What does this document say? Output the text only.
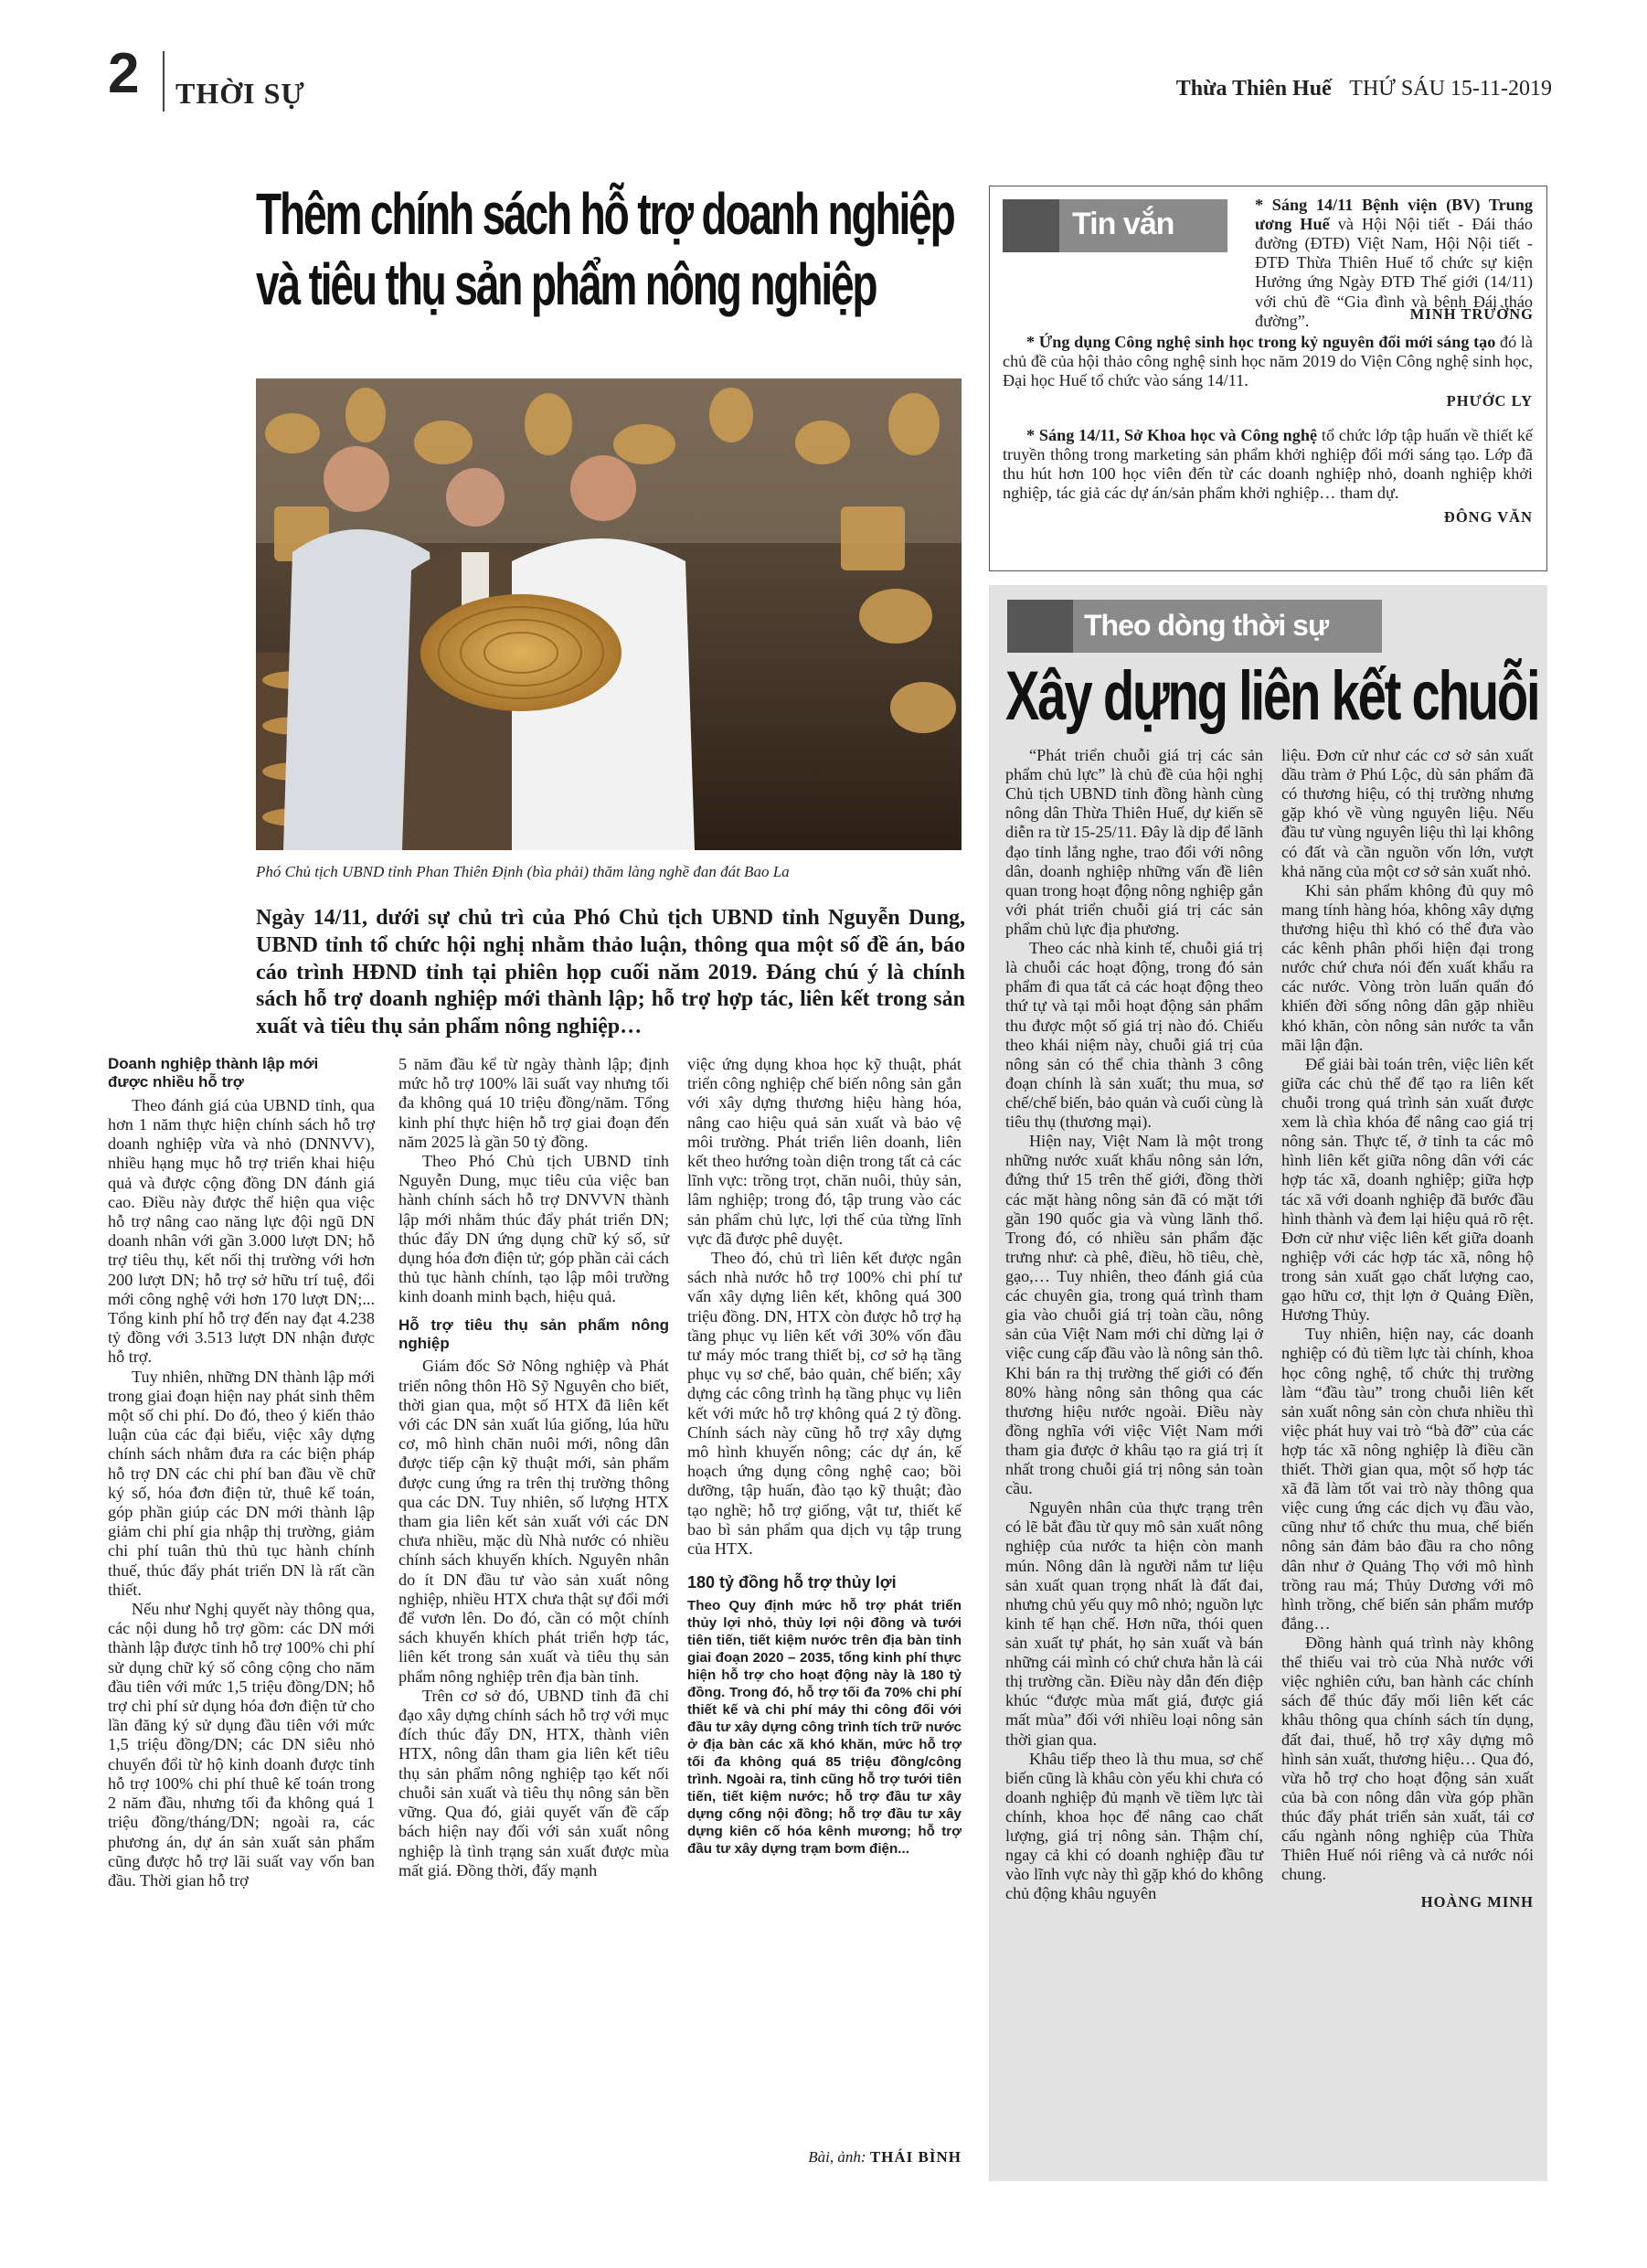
2 THỜI SỰ	Thừa Thiên Huế THỨ SÁU 15-11-2019
Thêm chính sách hỗ trợ doanh nghiệp
và tiêu thụ sản phẩm nông nghiệp
Phó Chủ tịch UBND tỉnh Phan Thiên Định (bìa phải) thăm làng nghề đan đát Bao La
Ngày 14/11, dưới sự chủ trì của Phó Chủ tịch UBND tỉnh Nguyễn Dung, UBND tỉnh tổ chức hội nghị nhằm thảo luận, thông qua một số đề án, báo cáo trình HĐND tỉnh tại phiên họp cuối năm 2019. Đáng chú ý là chính sách hỗ trợ doanh nghiệp mới thành lập; hỗ trợ hợp tác, liên kết trong sản xuất và tiêu thụ sản phẩm nông nghiệp…
Doanh nghiệp thành lập mới
được nhiều hỗ trợ

Theo đánh giá của UBND tỉnh, qua hơn 1 năm thực hiện chính sách hỗ trợ doanh nghiệp vừa và nhỏ (DNNVV), nhiều hạng mục hỗ trợ triển khai hiệu quả và được cộng đồng DN đánh giá cao. Điều này được thể hiện qua việc hỗ trợ nâng cao năng lực đội ngũ DN doanh nhân với gần 3.000 lượt DN; hỗ trợ tiêu thụ, kết nối thị trường với hơn 200 lượt DN; hỗ trợ sở hữu trí tuệ, đổi mới công nghệ với hơn 170 lượt DN;... Tổng kinh phí hỗ trợ đến nay đạt 4.238 tỷ đồng với 3.513 lượt DN nhận được hỗ trợ.

Tuy nhiên, những DN thành lập mới trong giai đoạn hiện nay phát sinh thêm một số chi phí. Do đó, theo ý kiến thảo luận của các đại biểu, việc xây dựng chính sách nhằm đưa ra các biện pháp hỗ trợ DN các chi phí ban đầu về chữ ký số, hóa đơn điện tử, thuê kế toán, góp phần giúp các DN mới thành lập giảm chi phí gia nhập thị trường, giảm chi phí tuân thủ thủ tục hành chính thuế, thúc đẩy phát triển DN là rất cần thiết.

Nếu như Nghị quyết này thông qua, các nội dung hỗ trợ gồm: các DN mới thành lập được tỉnh hỗ trợ 100% chi phí sử dụng chữ ký số công cộng cho năm đầu tiên với mức 1,5 triệu đồng/DN; hỗ trợ chi phí sử dụng hóa đơn điện tử cho lần đăng ký sử dụng đầu tiên với mức 1,5 triệu đồng/DN; các DN siêu nhỏ chuyển đổi từ hộ kinh doanh được tỉnh hỗ trợ 100% chi phí thuê kế toán trong 2 năm đầu, nhưng tối đa không quá 1 triệu đồng/tháng/DN; ngoài ra, các phương án, dự án sản xuất sản phẩm cũng được hỗ trợ lãi suất vay vốn ban đầu. Thời gian hỗ trợ

5 năm đầu kể từ ngày thành lập; định mức hỗ trợ 100% lãi suất vay nhưng tối đa không quá 10 triệu đồng/năm. Tổng kinh phí thực hiện hỗ trợ giai đoạn đến năm 2025 là gần 50 tỷ đồng.

Theo Phó Chủ tịch UBND tỉnh Nguyễn Dung, mục tiêu của việc ban hành chính sách hỗ trợ DNVVN thành lập mới nhằm thúc đẩy phát triển DN; thúc đẩy DN ứng dụng chữ ký số, sử dụng hóa đơn điện tử; góp phần cải cách thủ tục hành chính, tạo lập môi trường kinh doanh minh bạch, hiệu quả.

Hỗ trợ tiêu thụ sản phẩm nông nghiệp

Giám đốc Sở Nông nghiệp và Phát triển nông thôn Hồ Sỹ Nguyên cho biết, thời gian qua, một số HTX đã liên kết với các DN sản xuất lúa giống, lúa hữu cơ, mô hình chăn nuôi mới, nông dân được tiếp cận kỹ thuật mới, sản phẩm được cung ứng ra trên thị trường thông qua các DN. Tuy nhiên, số lượng HTX tham gia liên kết sản xuất với các DN chưa nhiều, mặc dù Nhà nước có nhiều chính sách khuyến khích. Nguyên nhân do ít DN đầu tư vào sản xuất nông nghiệp, nhiều HTX chưa thật sự đổi mới để vươn lên. Do đó, cần có một chính sách khuyến khích phát triển hợp tác, liên kết trong sản xuất và tiêu thụ sản phẩm nông nghiệp trên địa bàn tỉnh.

Trên cơ sở đó, UBND tỉnh đã chỉ đạo xây dựng chính sách hỗ trợ với mục đích thúc đẩy DN, HTX, thành viên HTX, nông dân tham gia liên kết tiêu thụ sản phẩm nông nghiệp tạo kết nối chuỗi sản xuất và tiêu thụ nông sản bền vững. Qua đó, giải quyết vấn đề cấp bách hiện nay đối với sản xuất nông nghiệp là tình trạng sản xuất được mùa mất giá. Đồng thời, đẩy mạnh

việc ứng dụng khoa học kỹ thuật, phát triển công nghiệp chế biến nông sản gắn với xây dựng thương hiệu hàng hóa, nâng cao hiệu quả sản xuất và bảo vệ môi trường. Phát triển liên doanh, liên kết theo hướng toàn diện trong tất cả các lĩnh vực: trồng trọt, chăn nuôi, thủy sản, lâm nghiệp; trong đó, tập trung vào các sản phẩm chủ lực, lợi thế của từng lĩnh vực đã được phê duyệt.

Theo đó, chủ trì liên kết được ngân sách nhà nước hỗ trợ 100% chi phí tư vấn xây dựng liên kết, không quá 300 triệu đồng. DN, HTX còn được hỗ trợ hạ tầng phục vụ liên kết với 30% vốn đầu tư máy móc trang thiết bị, cơ sở hạ tầng phục vụ sơ chế, bảo quản, chế biến; xây dựng các công trình hạ tầng phục vụ liên kết với mức hỗ trợ không quá 2 tỷ đồng. Chính sách này cũng hỗ trợ xây dựng mô hình khuyến nông; các dự án, kế hoạch ứng dụng công nghệ cao; bồi dưỡng, tập huấn, đào tạo kỹ thuật; đào tạo nghề; hỗ trợ giống, vật tư, thiết kế bao bì sản phẩm qua dịch vụ tập trung của HTX.

180 tỷ đồng hỗ trợ thủy lợi

Theo Quy định mức hỗ trợ phát triển thủy lợi nhỏ, thủy lợi nội đồng và tưới tiên tiến, tiết kiệm nước trên địa bàn tỉnh giai đoạn 2020 – 2035, tổng kinh phí thực hiện hỗ trợ cho hoạt động này là 180 tỷ đồng. Trong đó, hỗ trợ tối đa 70% chi phí thiết kế và chi phí máy thi công đối với đầu tư xây dựng công trình tích trữ nước ở địa bàn các xã khó khăn, mức hỗ trợ tối đa không quá 85 triệu đồng/công trình. Ngoài ra, tỉnh cũng hỗ trợ tưới tiên tiến, tiết kiệm nước; hỗ trợ đầu tư xây dựng cống nội đồng; hỗ trợ đầu tư xây dựng kiên cố hóa kênh mương; hỗ trợ đầu tư xây dựng trạm bơm điện...

Bài, ảnh: THÁI BÌNH
Tin vắn
* Sáng 14/11 Bệnh viện (BV) Trung ương Huế và Hội Nội tiết - Đái tháo đường (ĐTĐ) Việt Nam, Hội Nội tiết - ĐTĐ Thừa Thiên Huế tổ chức sự kiện Hưởng ứng Ngày ĐTĐ Thế giới (14/11) với chủ đề “Gia đình và bệnh Đái tháo đường”.	MINH TRƯỜNG

* Ứng dụng Công nghệ sinh học trong kỷ nguyên đổi mới sáng tạo đó là chủ đề của hội thảo công nghệ sinh học năm 2019 do Viện Công nghệ sinh học, Đại học Huế tổ chức vào sáng 14/11.

PHƯỚC LY

* Sáng 14/11, Sở Khoa học và Công nghệ tổ chức lớp tập huấn về thiết kế truyền thông trong marketing sản phẩm khởi nghiệp đổi mới sáng tạo. Lớp đã thu hút hơn 100 học viên đến từ các doanh nghiệp nhỏ, doanh nghiệp khởi nghiệp, tác giả các dự án/sản phẩm khởi nghiệp… tham dự.

ĐÔNG VĂN
Theo dòng thời sự
Xây dựng liên kết chuỗi

“Phát triển chuỗi giá trị các sản phẩm chủ lực” là chủ đề của hội nghị Chủ tịch UBND tỉnh đồng hành cùng nông dân Thừa Thiên Huế, dự kiến sẽ diễn ra từ 15-25/11. Đây là dịp để lãnh đạo tỉnh lắng nghe, trao đổi với nông dân, doanh nghiệp những vấn đề liên quan trong hoạt động nông nghiệp gắn với phát triển chuỗi giá trị các sản phẩm chủ lực địa phương.

Theo các nhà kinh tế, chuỗi giá trị là chuỗi các hoạt động, trong đó sản phẩm đi qua tất cả các hoạt động theo thứ tự và tại mỗi hoạt động sản phẩm thu được một số giá trị nào đó. Chiếu theo khái niệm này, chuỗi giá trị của nông sản có thể chia thành 3 công đoạn chính là sản xuất; thu mua, sơ chế/chế biến, bảo quản và cuối cùng là tiêu thụ (thương mại).

Hiện nay, Việt Nam là một trong những nước xuất khẩu nông sản lớn, đứng thứ 15 trên thế giới, đồng thời các mặt hàng nông sản đã có mặt tới gần 190 quốc gia và vùng lãnh thổ. Trong đó, có nhiều sản phẩm đặc trưng như: cà phê, điều, hồ tiêu, chè, gạo,… Tuy nhiên, theo đánh giá của các chuyên gia, trong quá trình tham gia vào chuỗi giá trị toàn cầu, nông sản của Việt Nam mới chỉ dừng lại ở việc cung cấp đầu vào là nông sản thô. Khi bán ra thị trường thế giới có đến 80% hàng nông sản thông qua các thương hiệu nước ngoài. Điều này đồng nghĩa với việc Việt Nam mới tham gia được ở khâu tạo ra giá trị ít nhất trong chuỗi giá trị nông sản toàn cầu.

Nguyên nhân của thực trạng trên có lẽ bắt đầu từ quy mô sản xuất nông nghiệp của nước ta hiện còn manh mún. Nông dân là người nắm tư liệu sản xuất quan trọng nhất là đất đai, nhưng chủ yếu quy mô nhỏ; nguồn lực kinh tế hạn chế. Hơn nữa, thói quen sản xuất tự phát, họ sản xuất và bán những cái mình có chứ chưa hẳn là cái thị trường cần. Điều này dẫn đến điệp khúc “được mùa mất giá, được giá mất mùa” đối với nhiều loại nông sản thời gian qua.

Khâu tiếp theo là thu mua, sơ chế biến cũng là khâu còn yếu khi chưa có doanh nghiệp đủ mạnh về tiềm lực tài chính, khoa học để nâng cao chất lượng, giá trị nông sản. Thậm chí, ngay cả khi có doanh nghiệp đầu tư vào lĩnh vực này thì gặp khó do không chủ động khâu nguyên

liệu. Đơn cử như các cơ sở sản xuất dầu tràm ở Phú Lộc, dù sản phẩm đã có thương hiệu, có thị trường nhưng gặp khó về vùng nguyên liệu. Nếu đầu tư vùng nguyên liệu thì lại không có đất và cần nguồn vốn lớn, vượt khả năng của một cơ sở sản xuất nhỏ.

Khi sản phẩm không đủ quy mô mang tính hàng hóa, không xây dựng thương hiệu thì khó có thể đưa vào các kênh phân phối hiện đại trong nước chứ chưa nói đến xuất khẩu ra các nước. Vòng tròn luẩn quẩn đó khiến đời sống nông dân gặp nhiều khó khăn, còn nông sản nước ta vẫn mãi lận đận.

Để giải bài toán trên, việc liên kết giữa các chủ thể để tạo ra liên kết chuỗi trong quá trình sản xuất được xem là chìa khóa để nâng cao giá trị nông sản. Thực tế, ở tỉnh ta các mô hình liên kết giữa nông dân với các hợp tác xã, doanh nghiệp; giữa hợp tác xã với doanh nghiệp đã bước đầu hình thành và đem lại hiệu quả rõ rệt. Đơn cử như việc liên kết giữa doanh nghiệp với các hợp tác xã, nông hộ trong sản xuất gạo chất lượng cao, gạo hữu cơ, thịt lợn ở Quảng Điền, Hương Thủy.

Tuy nhiên, hiện nay, các doanh nghiệp có đủ tiềm lực tài chính, khoa học công nghệ, tổ chức thị trường làm “đầu tàu” trong chuỗi liên kết sản xuất nông sản còn chưa nhiều thì việc phát huy vai trò “bà đỡ” của các hợp tác xã nông nghiệp là điều cần thiết. Thời gian qua, một số hợp tác xã đã làm tốt vai trò này thông qua việc cung ứng các dịch vụ đầu vào, cũng như tổ chức thu mua, chế biến nông sản đảm bảo đầu ra cho nông dân như ở Quảng Thọ với mô hình trồng rau má; Thủy Dương với mô hình trồng, chế biến sản phẩm mướp đắng…

Đồng hành quá trình này không thể thiếu vai trò của Nhà nước với việc nghiên cứu, ban hành các chính sách để thúc đẩy mối liên kết các khâu thông qua chính sách tín dụng, đất đai, thuế, hỗ trợ xây dựng mô hình sản xuất, thương hiệu… Qua đó, vừa hỗ trợ cho hoạt động sản xuất của bà con nông dân vừa góp phần thúc đẩy phát triển sản xuất, tái cơ cấu ngành nông nghiệp của Thừa Thiên Huế nói riêng và cả nước nói chung.

HOÀNG MINH
